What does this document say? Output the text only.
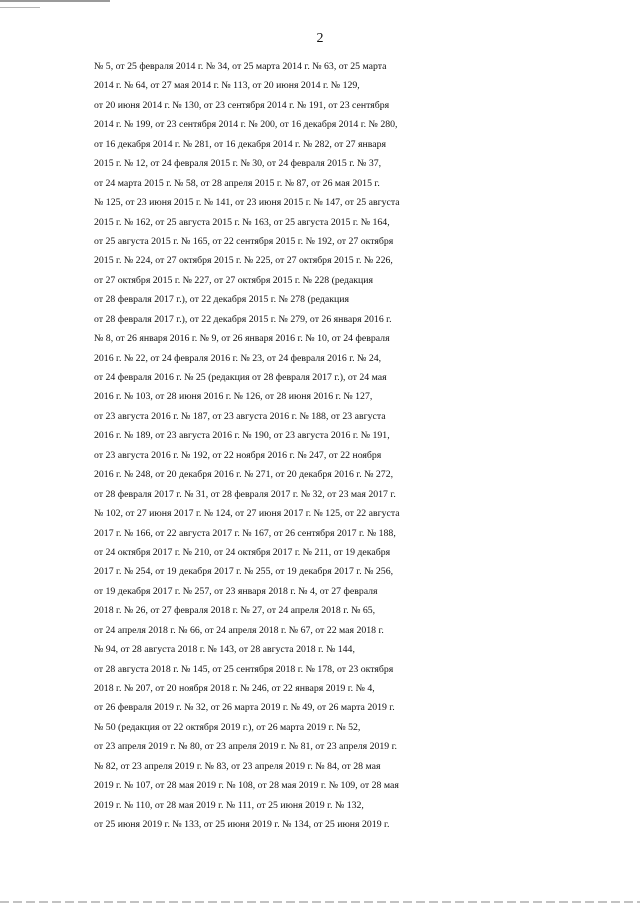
2
№ 5, от 25 февраля 2014 г. № 34, от 25 марта 2014 г. № 63, от 25 марта
2014 г. № 64, от 27 мая 2014 г. № 113, от 20 июня 2014 г. № 129,
от 20 июня 2014 г. № 130, от 23 сентября 2014 г. № 191, от 23 сентября
2014 г. № 199, от 23 сентября 2014 г. № 200, от 16 декабря 2014 г. № 280,
от 16 декабря 2014 г. № 281, от 16 декабря 2014 г. № 282, от 27 января
2015 г. № 12, от 24 февраля 2015 г. № 30, от 24 февраля 2015 г. № 37,
от 24 марта 2015 г. № 58, от 28 апреля 2015 г. № 87, от 26 мая 2015 г.
№ 125, от 23 июня 2015 г. № 141, от 23 июня 2015 г. № 147, от 25 августа
2015 г. № 162, от 25 августа 2015 г. № 163, от 25 августа 2015 г. № 164,
от 25 августа 2015 г. № 165, от 22 сентября 2015 г. № 192, от 27 октября
2015 г. № 224, от 27 октября 2015 г. № 225, от 27 октября 2015 г. № 226,
от 27 октября 2015 г. № 227, от 27 октября 2015 г. № 228 (редакция
от 28 февраля 2017 г.), от 22 декабря 2015 г. № 278 (редакция
от 28 февраля 2017 г.), от 22 декабря 2015 г. № 279, от 26 января 2016 г.
№ 8, от 26 января 2016 г. № 9, от 26 января 2016 г. № 10, от 24 февраля
2016 г. № 22, от 24 февраля 2016 г. № 23, от 24 февраля 2016 г. № 24,
от 24 февраля 2016 г. № 25 (редакция от 28 февраля 2017 г.), от 24 мая
2016 г. № 103, от 28 июня 2016 г. № 126, от 28 июня 2016 г. № 127,
от 23 августа 2016 г. № 187, от 23 августа 2016 г. № 188, от 23 августа
2016 г. № 189, от 23 августа 2016 г. № 190, от 23 августа 2016 г. № 191,
от 23 августа 2016 г. № 192, от 22 ноября 2016 г. № 247, от 22 ноября
2016 г. № 248, от 20 декабря 2016 г. № 271, от 20 декабря 2016 г. № 272,
от 28 февраля 2017 г. № 31, от 28 февраля 2017 г. № 32, от 23 мая 2017 г.
№ 102, от 27 июня 2017 г. № 124, от 27 июня 2017 г. № 125, от 22 августа
2017 г. № 166, от 22 августа 2017 г. № 167, от 26 сентября 2017 г. № 188,
от 24 октября 2017 г. № 210, от 24 октября 2017 г. № 211, от 19 декабря
2017 г. № 254, от 19 декабря 2017 г. № 255, от 19 декабря 2017 г. № 256,
от 19 декабря 2017 г. № 257, от 23 января 2018 г. № 4, от 27 февраля
2018 г. № 26, от 27 февраля 2018 г. № 27, от 24 апреля 2018 г. № 65,
от 24 апреля 2018 г. № 66, от 24 апреля 2018 г. № 67, от 22 мая 2018 г.
№ 94, от 28 августа 2018 г. № 143, от 28 августа 2018 г. № 144,
от 28 августа 2018 г. № 145, от 25 сентября 2018 г. № 178, от 23 октября
2018 г. № 207, от 20 ноября 2018 г. № 246, от 22 января 2019 г. № 4,
от 26 февраля 2019 г. № 32, от 26 марта 2019 г. № 49, от 26 марта 2019 г.
№ 50 (редакция от 22 октября 2019 г.), от 26 марта 2019 г. № 52,
от 23 апреля 2019 г. № 80, от 23 апреля 2019 г. № 81, от 23 апреля 2019 г.
№ 82, от 23 апреля 2019 г. № 83, от 23 апреля 2019 г. № 84, от 28 мая
2019 г. № 107, от 28 мая 2019 г. № 108, от 28 мая 2019 г. № 109, от 28 мая
2019 г. № 110, от 28 мая 2019 г. № 111, от 25 июня 2019 г. № 132,
от 25 июня 2019 г. № 133, от 25 июня 2019 г. № 134, от 25 июня 2019 г.
